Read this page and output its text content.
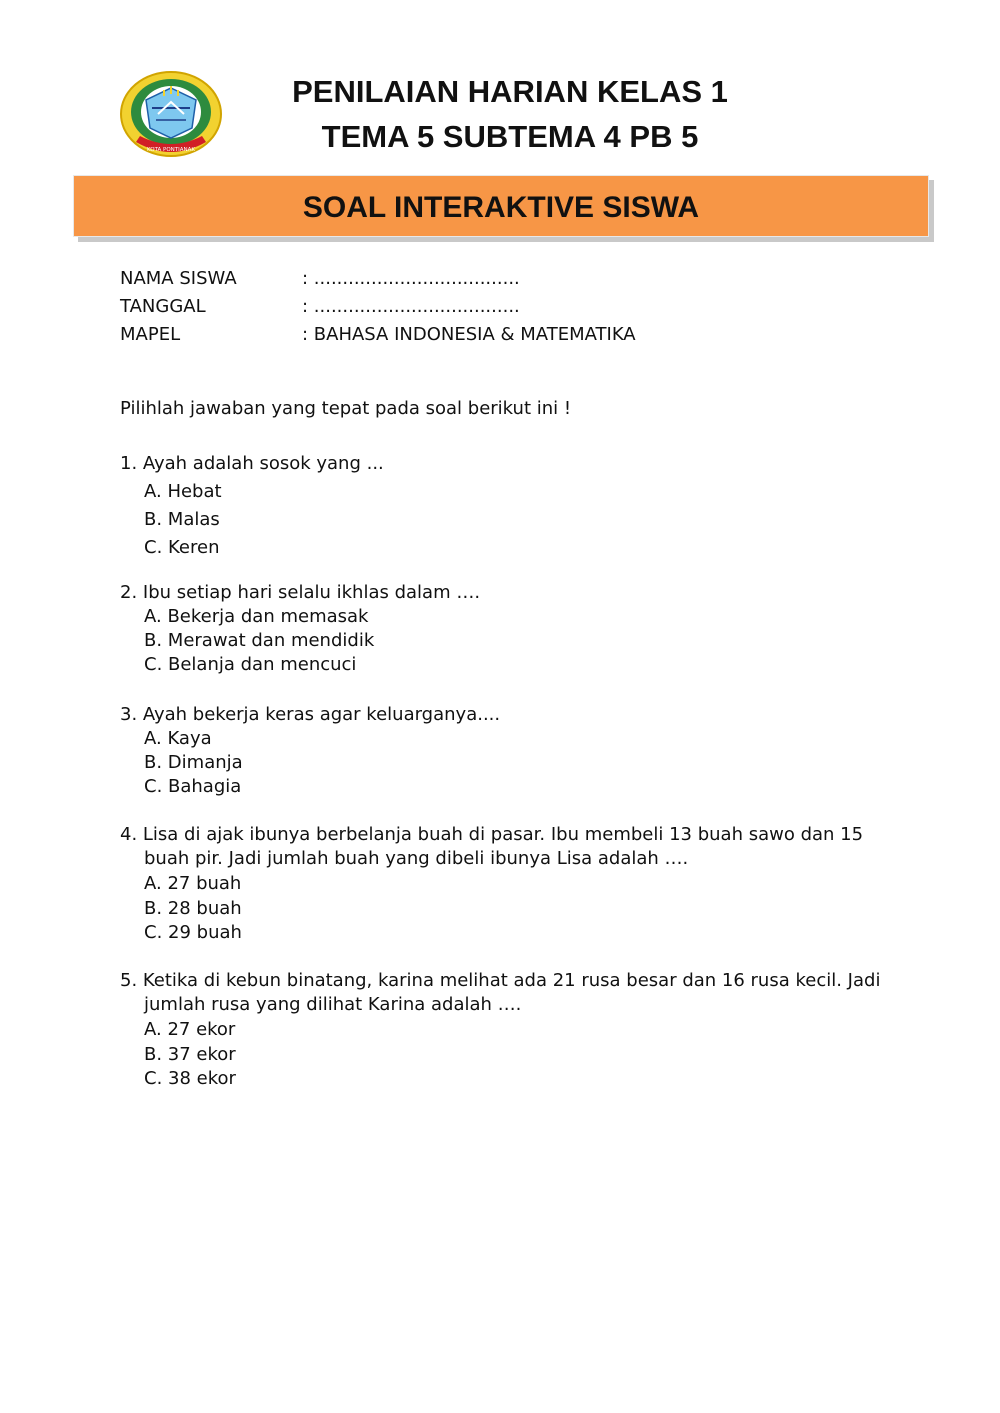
KOTA PONTIANAK
PENILAIAN HARIAN KELAS 1
TEMA 5 SUBTEMA 4 PB 5
SOAL INTERAKTIVE SISWA
NAMA SISWA	: ....................................
TANGGAL	: ....................................
MAPEL	: BAHASA INDONESIA & MATEMATIKA
Pilihlah jawaban yang tepat pada soal berikut ini !
1. Ayah adalah sosok yang ...
A. Hebat
B. Malas
C. Keren
2. Ibu setiap hari selalu ikhlas dalam ….
A. Bekerja dan memasak
B. Merawat dan mendidik
C. Belanja dan mencuci
3. Ayah bekerja keras agar keluarganya....
A. Kaya
B. Dimanja
C. Bahagia
4. Lisa di ajak ibunya berbelanja buah di pasar. Ibu membeli 13 buah sawo dan 15
buah pir. Jadi jumlah buah yang dibeli ibunya Lisa adalah ….
A. 27 buah
B. 28 buah
C. 29 buah
5. Ketika di kebun binatang, karina melihat ada 21 rusa besar dan 16 rusa kecil. Jadi
jumlah rusa yang dilihat Karina adalah ….
A. 27 ekor
B. 37 ekor
C. 38 ekor
